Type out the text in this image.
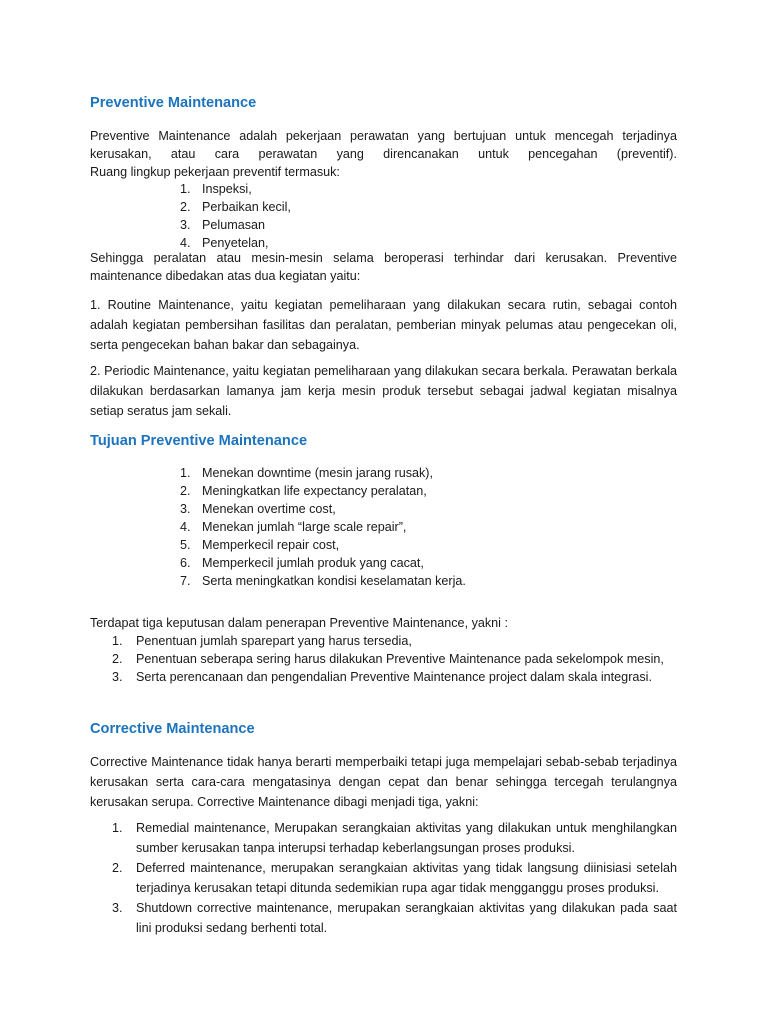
Preventive Maintenance

Preventive Maintenance adalah pekerjaan perawatan yang bertujuan untuk mencegah terjadinya

kerusakan, atau cara perawatan yang direncanakan untuk pencegahan (preventif).

Ruang lingkup pekerjaan preventif termasuk:

1. Inspeksi,
2. Perbaikan kecil,
3. Pelumasan
4. Penyetelan,

Sehingga peralatan atau mesin-mesin selama beroperasi terhindar dari kerusakan. Preventive maintenance dibedakan atas dua kegiatan yaitu:

1. Routine Maintenance, yaitu kegiatan pemeliharaan yang dilakukan secara rutin, sebagai contoh adalah kegiatan pembersihan fasilitas dan peralatan, pemberian minyak pelumas atau pengecekan oli, serta pengecekan bahan bakar dan sebagainya.

2. Periodic Maintenance, yaitu kegiatan pemeliharaan yang dilakukan secara berkala. Perawatan berkala dilakukan berdasarkan lamanya jam kerja mesin produk tersebut sebagai jadwal kegiatan misalnya setiap seratus jam sekali.

Tujuan Preventive Maintenance
1. Menekan downtime (mesin jarang rusak),
2. Meningkatkan life expectancy peralatan,
3. Menekan overtime cost,
4. Menekan jumlah “large scale repair”,
5. Memperkecil repair cost,
6. Memperkecil jumlah produk yang cacat,
7. Serta meningkatkan kondisi keselamatan kerja.

Terdapat tiga keputusan dalam penerapan Preventive Maintenance, yakni :

1.	Penentuan jumlah sparepart yang harus tersedia,
2.	Penentuan seberapa sering harus dilakukan Preventive Maintenance pada sekelompok mesin,
3.	Serta perencanaan dan pengendalian Preventive Maintenance project dalam skala integrasi.
Corrective Maintenance

Corrective Maintenance tidak hanya berarti memperbaiki tetapi juga mempelajari sebab-sebab terjadinya kerusakan serta cara-cara mengatasinya dengan cepat dan benar sehingga tercegah terulangnya kerusakan serupa. Corrective Maintenance dibagi menjadi tiga, yakni:

1.	Remedial maintenance, Merupakan serangkaian aktivitas yang dilakukan untuk menghilangkan sumber kerusakan tanpa interupsi terhadap keberlangsungan proses produksi.
2.	Deferred maintenance, merupakan serangkaian aktivitas yang tidak langsung diinisiasi setelah terjadinya kerusakan tetapi ditunda sedemikian rupa agar tidak mengganggu proses produksi.
3.	Shutdown corrective maintenance, merupakan serangkaian aktivitas yang dilakukan pada saat lini produksi sedang berhenti total.
